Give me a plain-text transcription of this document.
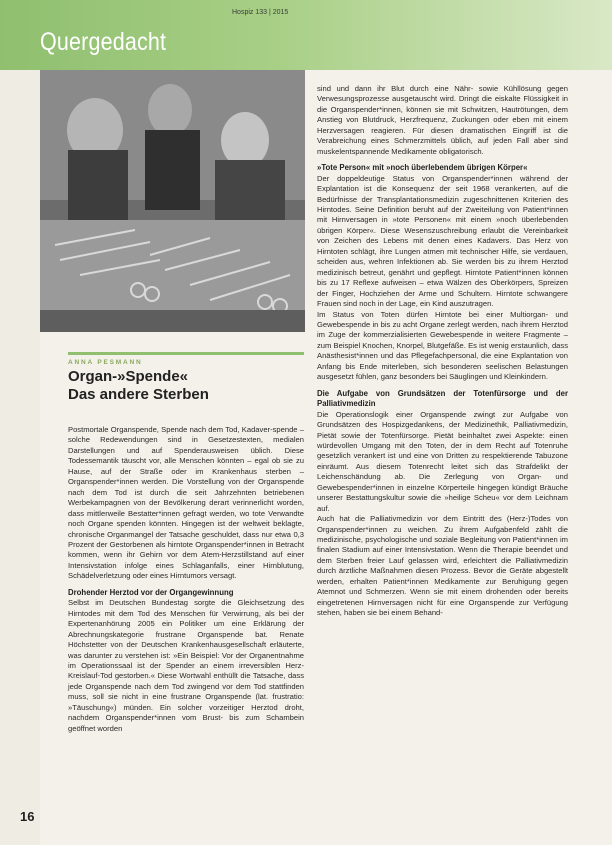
Hospiz 133 | 2015
Quergedacht
ANNA PESMANN
Organ-»Spende«
Das andere Sterben

Postmortale Organspende, Spende nach dem Tod, Kadaver-spende – solche Redewendungen sind in Gesetzestexten, medialen Darstellungen und auf Spenderausweisen üblich. Diese Todessemantik täuscht vor, alle Menschen könnten – egal ob sie zu Hause, auf der Straße oder im Krankenhaus sterben – Organspender*innen werden. Die Vorstellung von der Organspende nach dem Tod ist durch die seit Jahrzehnten betriebenen Werbekampagnen von der Bevölkerung derart verinnerlicht worden, dass mittlerweile Bestatter*innen gefragt werden, wo tote Verwandte noch Organe spenden könnten. Hingegen ist der weltweit beklagte, chronische Organmangel der Tatsache geschuldet, dass nur etwa 0,3 Prozent der Gestorbenen als hirntote Organspender*innen in Betracht kommen, wenn ihr Gehirn vor dem Atem-Herzstillstand auf einer Intensivstation infolge eines Schlaganfalls, einer Hirnblutung, Schädelverletzung oder eines Hirntumors versagt.

Drohender Herztod vor der Organgewinnung

Selbst im Deutschen Bundestag sorgte die Gleichsetzung des Hirntodes mit dem Tod des Menschen für Verwirrung, als bei der Expertenanhörung 2005 ein Politiker um eine Erklärung der Abrechnungskategorie frustrane Organspende bat. Renate Höchstetter von der Deutschen Krankenhausgesellschaft erläuterte, was darunter zu verstehen ist: »Ein Beispiel: Vor der Organentnahme im Operationssaal ist der Spender an einem irreversiblen Herz-Kreislauf-Tod gestorben.« Diese Wortwahl enthüllt die Tatsache, dass jede Organspende nach dem Tod zwingend vor dem Tod stattfinden muss, soll sie nicht in eine frustrane Organspende (lat. frustratio: »Täuschung«) münden. Ein solcher vorzeitiger Herztod droht, nachdem Organspender*innen vom Brust- bis zum Schambein geöffnet worden

sind und dann ihr Blut durch eine Nähr- sowie Kühllösung gegen Verwesungsprozesse ausgetauscht wird. Dringt die eiskalte Flüssigkeit in die Organspender*innen, können sie mit Schwitzen, Hautrötungen, dem Anstieg von Blutdruck, Herzfrequenz, Zuckungen oder eben mit einem Herzversagen reagieren. Für diesen dramatischen Eingriff ist die Verabreichung eines Schmerzmittels üblich, auf jeden Fall aber sind muskelentspannende Medikamente obligatorisch.

»Tote Person« mit »noch überlebendem übrigen Körper«

Der doppeldeutige Status von Organspender*innen während der Explantation ist die Konsequenz der seit 1968 verankerten, auf die Bedürfnisse der Transplantationsmedizin zugeschnittenen Kriterien des Hirntodes. Seine Definition beruht auf der Zweiteilung von Patient*innen mit Hirnversagen in »tote Personen« mit einem »noch überlebenden übrigen Körper«. Diese Wesenszuschreibung erlaubt die Vereinbarkeit von Zeichen des Lebens mit denen eines Kadavers. Das Herz von Hirntoten schlägt, ihre Lungen atmen mit technischer Hilfe, sie verdauen, scheiden aus, wehren Infektionen ab. Sie werden bis zu ihrem Herztod medizinisch betreut, genährt und gepflegt. Hirntote Patient*innen können bis zu 17 Reflexe aufweisen – etwa Wälzen des Oberkörpers, Spreizen der Finger, Hochziehen der Arme und Schultern. Hirntote schwangere Frauen sind noch in der Lage, ein Kind auszutragen.

Im Status von Toten dürfen Hirntote bei einer Multiorgan- und Gewebespende in bis zu acht Organe zerlegt werden, nach ihrem Herztod im Zuge der kommerzialisierten Gewebespende in weitere Fragmente – zum Beispiel Knochen, Knorpel, Blutgefäße. Es ist wenig erstaunlich, dass Anästhesist*innen und das Pflegefachpersonal, die eine Explantation von Anfang bis Ende miterleben, sich besonderen seelischen Belastungen ausgesetzt fühlen, ganz besonders bei Säuglingen und Kleinkindern.

Die Aufgabe von Grundsätzen der Totenfürsorge und der Palliativmedizin

Die Operationslogik einer Organspende zwingt zur Aufgabe von Grundsätzen des Hospizgedankens, der Medizinethik, Palliativmedizin, Pietät sowie der Totenfürsorge. Pietät beinhaltet zwei Aspekte: einen würdevollen Umgang mit den Toten, der in dem Recht auf Totenruhe gesetzlich verankert ist und eine von Dritten zu respektierende Tabuzone einräumt. Aus diesem Totenrecht leitet sich das Strafdelikt der Leichenschändung ab. Die Zerlegung von Organ- und Gewebespender*innen in einzelne Körperteile hingegen kündigt Bräuche unserer Bestattungskultur sowie die »heilige Scheu« vor dem Leichnam auf.

Auch hat die Palliativmedizin vor dem Eintritt des (Herz-)Todes von Organspender*innen zu weichen. Zu ihrem Aufgabenfeld zählt die medizinische, psychologische und soziale Begleitung von Patient*innen im finalen Stadium auf einer Intensivstation. Wenn die Therapie beendet und dem Sterben freier Lauf gelassen wird, erleichtert die Palliativmedizin durch ärztliche Maßnahmen diesen Prozess. Bevor die Geräte abgestellt werden, erhalten Patient*innen Medikamente zur Beruhigung gegen Atemnot und Schmerzen. Wenn sie mit einem drohenden oder bereits eingetretenen Hirnversagen nicht für eine Organspende zur Verfügung stehen, haben sie bei einem Behand-

16
